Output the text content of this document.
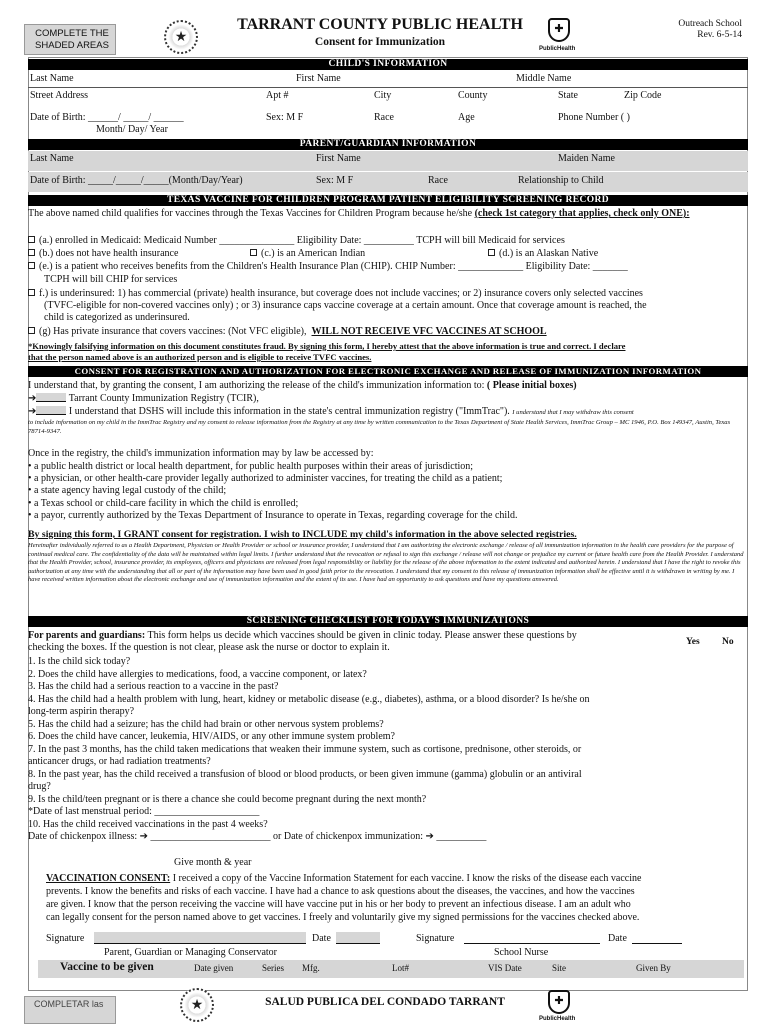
COMPLETE THE SHADED AREAS
★
TARRANT COUNTY PUBLIC HEALTH
Consent for Immunization
✚
PublicHealth
Outreach School
Rev. 6-5-14
CHILD'S INFORMATION
Last Name	First Name	Middle Name
Street Address	Apt #	City	County	State	Zip Code
Date of Birth: ______/ _____/ ______	Sex: M F	Race	Age	Phone Number ( )
Month/ Day/ Year
PARENT/GUARDIAN INFORMATION
Last Name	First Name	Maiden Name
Date of Birth: _____/_____/_____(Month/Day/Year)	Sex: M F	Race	Relationship to Child
TEXAS VACCINE FOR CHILDREN PROGRAM PATIENT ELIGIBILITY SCREENING RECORD
The above named child qualifies for vaccines through the Texas Vaccines for Children Program because he/she (check 1st category that applies, check only ONE):
(a.) enrolled in Medicaid: Medicaid Number _______________ Eligibility Date: __________ TCPH will bill Medicaid for services
(b.) does not have health insurance	(c.) is an American Indian	(d.) is an Alaskan Native
(e.) is a patient who receives benefits from the Children's Health Insurance Plan (CHIP). CHIP Number: _____________ Eligibility Date: _______
TCPH will bill CHIP for services
f.) is underinsured: 1) has commercial (private) health insurance, but coverage does not include vaccines; or 2) insurance covers only selected vaccines
(TVFC-eligible for non-covered vaccines only) ; or 3) insurance caps vaccine coverage at a certain amount. Once that coverage amount is reached, the
child is categorized as underinsured.
(g) Has private insurance that covers vaccines: (Not VFC eligible), WILL NOT RECEIVE VFC VACCINES AT SCHOOL
*Knowingly falsifying information on this document constitutes fraud. By signing this form, I hereby attest that the above information is true and correct. I declare
that the person named above is an authorized person and is eligible to receive TVFC vaccines.
CONSENT FOR REGISTRATION AND AUTHORIZATION FOR ELECTRONIC EXCHANGE AND RELEASE OF IMMUNIZATION INFORMATION
I understand that, by granting the consent, I am authorizing the release of the child's immunization information to: ( Please initial boxes)
➔	Tarrant County Immunization Registry (TCIR),
➔	I understand that DSHS will include this information in the state's central immunization registry ("ImmTrac"). I understand that I may withdraw this consent
to include information on my child in the ImmTrac Registry and my consent to release information from the Registry at any time by written communication to the Texas Department of State Health Services, ImmTrac Group – MC 1946, P.O. Box 149347, Austin, Texas 78714-9347.
Once in the registry, the child's immunization information may by law be accessed by:
• a public health district or local health department, for public health purposes within their areas of jurisdiction;
• a physician, or other health-care provider legally authorized to administer vaccines, for treating the child as a patient;
• a state agency having legal custody of the child;
• a Texas school or child-care facility in which the child is enrolled;
• a payor, currently authorized by the Texas Department of Insurance to operate in Texas, regarding coverage for the child.
By signing this form, I GRANT consent for registration. I wish to INCLUDE my child's information in the above selected registries.
Hereinafter individually referred to as a Health Department, Physician or Health Provider or school or insurance provider, I understand that I am authorizing the electronic exchange / release of all immunization information in the health care providers for the purpose of continual medical care. The confidentiality of the data will be maintained within legal limits. I further understand that the revocation or refusal to sign this exchange / release will not change or prejudice my current or future health care from the Health Provider. I understand that the Health Provider, school, insurance provider, its employees, officers and physicians are released from legal responsibility or liability for the release of the above information to the extent indicated and authorized herein. I understand that I have the right to revoke this authorization at any time with the understanding that all or part of the information may have been used in good faith prior to the revocation. I understand that my consent to this release of immunization information shall be effective until it is withdrawn in writing by me. I have received written information about the electronic exchange and use of immunization information and the extent of its use. I have had an opportunity to ask questions and have my questions answered.
SCREENING CHECKLIST FOR TODAY'S IMMUNIZATIONS
For parents and guardians: This form helps us decide which vaccines should be given in clinic today. Please answer these questions by
checking the boxes. If the question is not clear, please ask the nurse or doctor to explain it.
Yes No
1. Is the child sick today?
2. Does the child have allergies to medications, food, a vaccine component, or latex?
3. Has the child had a serious reaction to a vaccine in the past?
4. Has the child had a health problem with lung, heart, kidney or metabolic disease (e.g., diabetes), asthma, or a blood disorder? Is he/she on
long-term aspirin therapy?
5. Has the child had a seizure; has the child had brain or other nervous system problems?
6. Does the child have cancer, leukemia, HIV/AIDS, or any other immune system problem?
7. In the past 3 months, has the child taken medications that weaken their immune system, such as cortisone, prednisone, other steroids, or
anticancer drugs, or had radiation treatments?
8. In the past year, has the child received a transfusion of blood or blood products, or been given immune (gamma) globulin or an antiviral
drug?
9. Is the child/teen pregnant or is there a chance she could become pregnant during the next month?
*Date of last menstrual period: _____________________
10. Has the child received vaccinations in the past 4 weeks?
Date of chickenpox illness: ➔ ________________________ or Date of chickenpox immunization: ➔ __________
Give month & year
VACCINATION CONSENT: I received a copy of the Vaccine Information Statement for each vaccine. I know the risks of the disease each vaccine
prevents. I know the benefits and risks of each vaccine. I have had a chance to ask questions about the diseases, the vaccines, and how the vaccines
are given. I know that the person receiving the vaccine will have vaccine put in his or her body to prevent an infectious disease. I am an adult who
can legally consent for the person named above to get vaccines. I freely and voluntarily give my signed permissions for the vaccines checked above.
Signature	Date	Signature	Date
Parent, Guardian or Managing Conservator	School Nurse
Vaccine to be given	Date given	Series Mfg.	Lot#	VIS Date	Site	Given By
COMPLETAR las
★	SALUD PUBLICA DEL CONDADO TARRANT
✚
PublicHealth
